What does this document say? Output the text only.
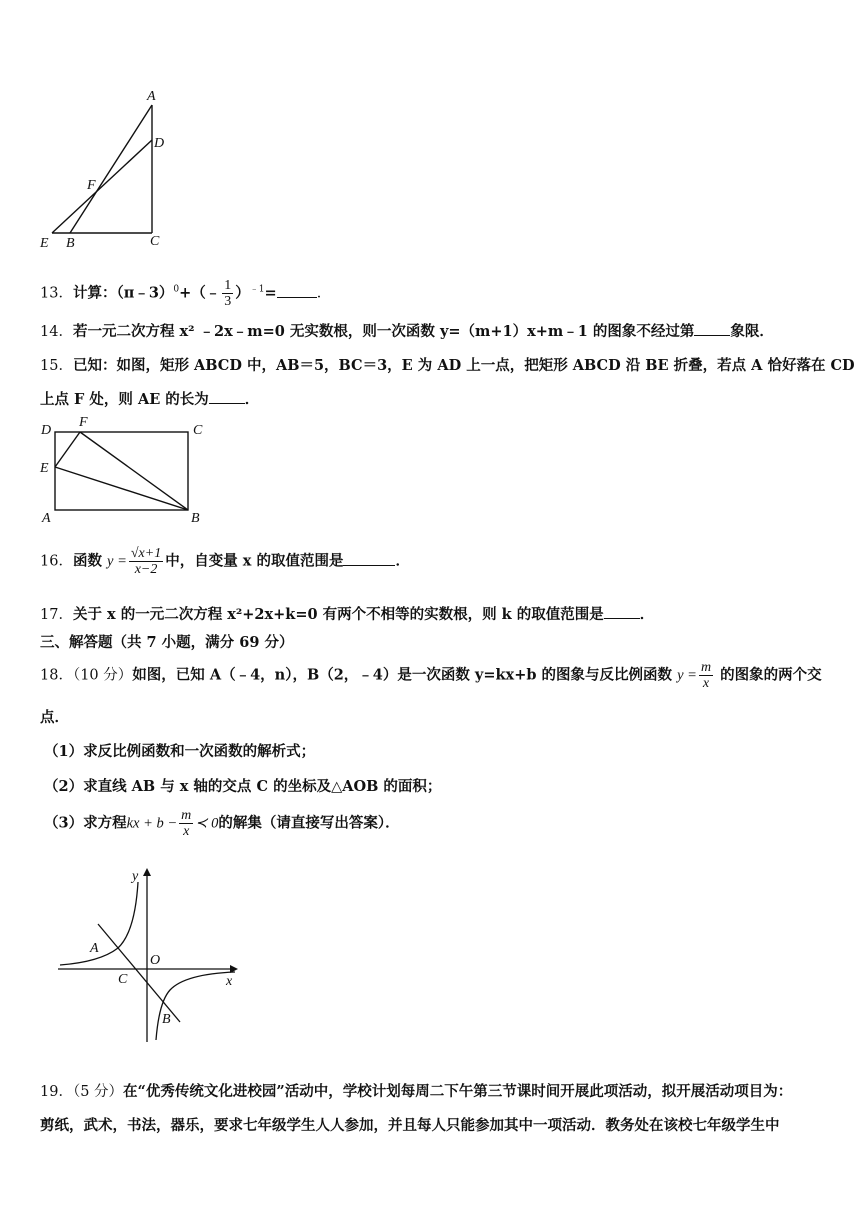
A
D
F
E B	C
13．计算：（π﹣3）$^0$+（﹣ $\frac{1}{3} )^{﹣1}=$	．
14．若一元二次方程 x² ﹣2x﹣m=0 无实数根，则一次函数 y=（m+1）x+m﹣1 的图象不经过第 象限．
15．已知：如图，矩形 ABCD 中，AB＝5，BC＝3，E 为 AD 上一点，把矩形 ABCD 沿 BE 折叠，若点 A 恰好落在 CD
上点 F 处，则 AE 的长为 ．
D
F
C
E
A	B
16．函数 $y = \frac{√x+1}{x-2}$ 中，自变量 x 的取值范围是	．
17．关于 x 的一元二次方程 x²+2x+k=0 有两个不相等的实数根，则 k 的取值范围是 ．
三、解答题（共 7 小题，满分 69 分）
18．（10 分）如图，已知 A（﹣4，n），B（2，﹣4）是一次函数 y=kx+b 的图象与反比例函数 $y = \frac{m}{x}$ 的图象的两个交
点．
（1）求反比例函数和一次函数的解析式；
（2）求直线 AB 与 x 轴的交点 C 的坐标及△AOB 的面积；
（3）求方程kx + $b - \frac{m}{x}$ ≺ 0的解集（请直接写出答案）．
y
x
A
O
C
B
19．（5 分）在“优秀传统文化进校园”活动中，学校计划每周二下午第三节课时间开展此项活动，拟开展活动项目为：
剪纸，武术，书法，器乐，要求七年级学生人人参加，并且每人只能参加其中一项活动．教务处在该校七年级学生中
